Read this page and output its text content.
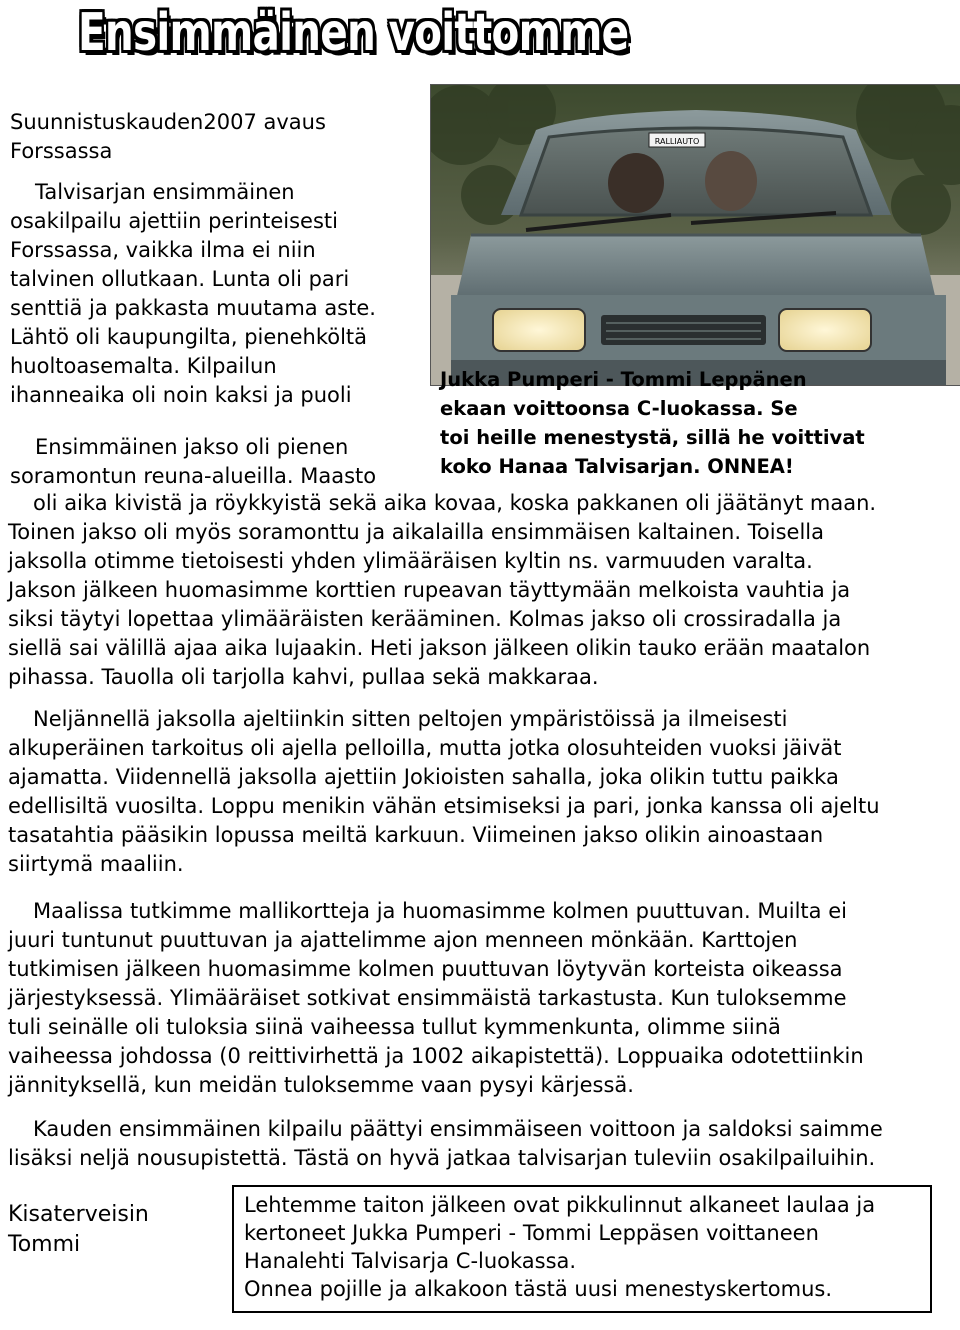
Ensimmäinen voittomme
RALLIAUTO
Suunnistuskauden2007 avaus
Forssassa
Talvisarjan ensimmäinen
osakilpailu ajettiin perinteisesti
Forssassa, vaikka ilma ei niin
talvinen ollutkaan. Lunta oli pari
senttiä ja pakkasta muutama aste.
Lähtö oli kaupungilta, pienehköltä
huoltoasemalta. Kilpailun
ihanneaika oli noin kaksi ja puoli
Ensimmäinen jakso oli pienen
soramontun reuna-alueilla. Maasto
oli aika kivistä ja röykkyistä sekä aika kovaa, koska pakkanen oli jäätänyt maan.
Toinen jakso oli myös soramonttu ja aikalailla ensimmäisen kaltainen. Toisella
jaksolla otimme tietoisesti yhden ylimääräisen kyltin ns. varmuuden varalta.
Jakson jälkeen huomasimme korttien rupeavan täyttymään melkoista vauhtia ja
siksi täytyi lopettaa ylimääräisten kerääminen. Kolmas jakso oli crossiradalla ja
siellä sai välillä ajaa aika lujaakin. Heti jakson jälkeen olikin tauko erään maatalon
pihassa. Tauolla oli tarjolla kahvi, pullaa sekä makkaraa.
Neljännellä jaksolla ajeltiinkin sitten peltojen ympäristöissä ja ilmeisesti
alkuperäinen tarkoitus oli ajella pelloilla, mutta jotka olosuhteiden vuoksi jäivät
ajamatta. Viidennellä jaksolla ajettiin Jokioisten sahalla, joka olikin tuttu paikka
edellisiltä vuosilta. Loppu menikin vähän etsimiseksi ja pari, jonka kanssa oli ajeltu
tasatahtia pääsikin lopussa meiltä karkuun. Viimeinen jakso olikin ainoastaan
siirtymä maaliin.
Maalissa tutkimme mallikortteja ja huomasimme kolmen puuttuvan. Muilta ei
juuri tuntunut puuttuvan ja ajattelimme ajon menneen mönkään. Karttojen
tutkimisen jälkeen huomasimme kolmen puuttuvan löytyvän korteista oikeassa
järjestyksessä. Ylimääräiset sotkivat ensimmäistä tarkastusta. Kun tuloksemme
tuli seinälle oli tuloksia siinä vaiheessa tullut kymmenkunta, olimme siinä
vaiheessa johdossa (0 reittivirhettä ja 1002 aikapistettä). Loppuaika odotettiinkin
jännityksellä, kun meidän tuloksemme vaan pysyi kärjessä.
Kauden ensimmäinen kilpailu päättyi ensimmäiseen voittoon ja saldoksi saimme
lisäksi neljä nousupistettä. Tästä on hyvä jatkaa talvisarjan tuleviin osakilpailuihin.
Jukka Pumperi - Tommi Leppänen
ekaan voittoonsa C-luokassa. Se
toi heille menestystä, sillä he voittivat
koko Hanaa Talvisarjan. ONNEA!
Kisaterveisin
Tommi
Lehtemme taiton jälkeen ovat pikkulinnut alkaneet laulaa ja
kertoneet Jukka Pumperi - Tommi Leppäsen voittaneen
Hanalehti Talvisarja C-luokassa.
Onnea pojille ja alkakoon tästä uusi menestyskertomus.
